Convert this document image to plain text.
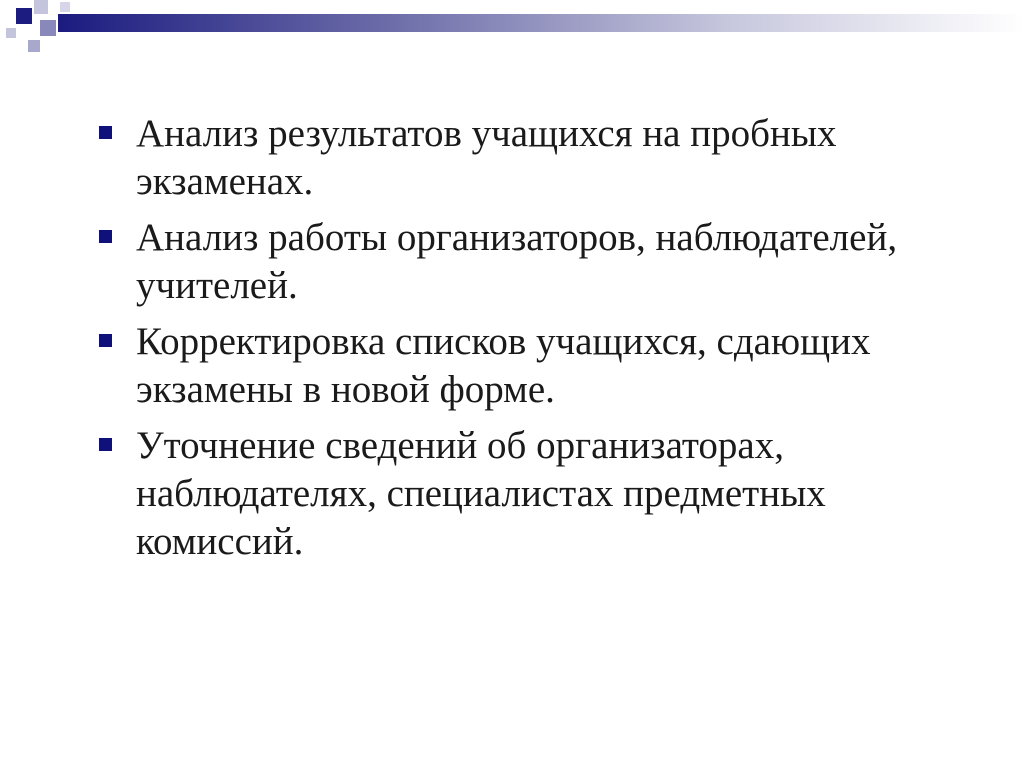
Анализ результатов учащихся на пробных экзаменах.
Анализ работы организаторов, наблюдателей, учителей.
Корректировка списков учащихся, сдающих экзамены в новой форме.
Уточнение сведений об организаторах, наблюдателях, специалистах предметных комиссий.
